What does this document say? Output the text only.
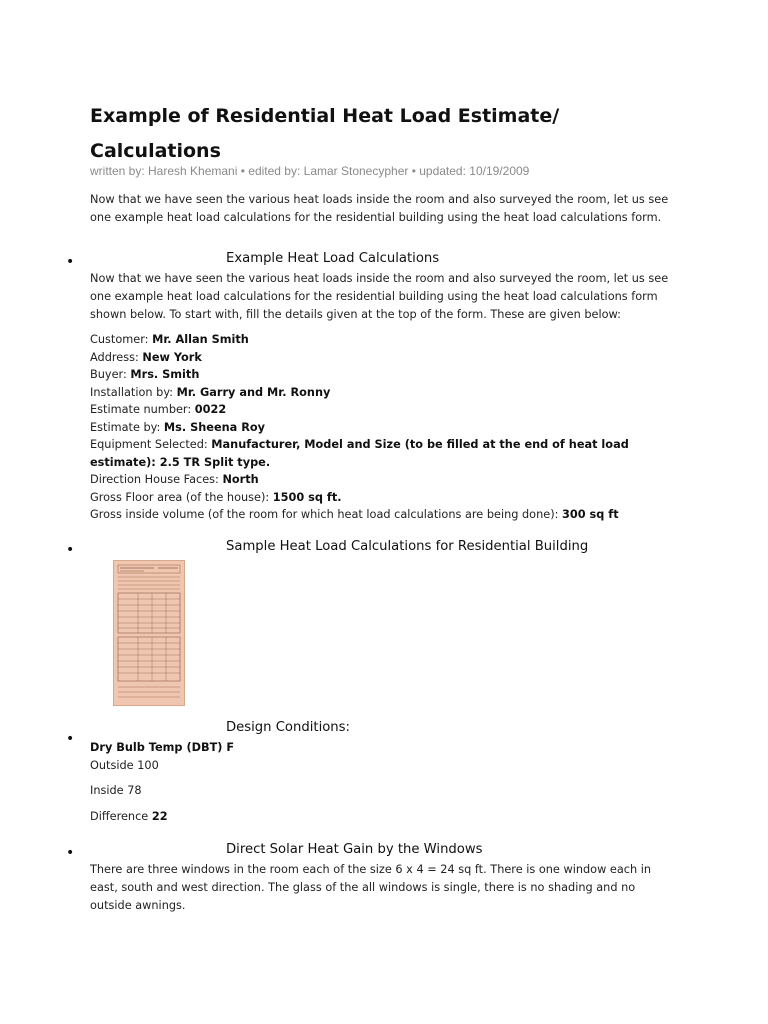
Example of Residential Heat Load Estimate/
Calculations
written by: Haresh Khemani • edited by: Lamar Stonecypher • updated: 10/19/2009
Now that we have seen the various heat loads inside the room and also surveyed the room, let us see one example heat load calculations for the residential building using the heat load calculations form.
•	Example Heat Load Calculations
Now that we have seen the various heat loads inside the room and also surveyed the room, let us see one example heat load calculations for the residential building using the heat load calculations form shown below. To start with, fill the details given at the top of the form. These are given below:
Customer: Mr. Allan Smith
Address: New York
Buyer: Mrs. Smith
Installation by: Mr. Garry and Mr. Ronny
Estimate number: 0022
Estimate by: Ms. Sheena Roy
Equipment Selected: Manufacturer, Model and Size (to be filled at the end of heat load estimate): 2.5 TR Split type.
Direction House Faces: North
Gross Floor area (of the house): 1500 sq ft.
Gross inside volume (of the room for which heat load calculations are being done): 300 sq ft
•	Sample Heat Load Calculations for Residential Building
•
Design Conditions:
Dry Bulb Temp (DBT) F
Outside 100
Inside 78
Difference 22
•	Direct Solar Heat Gain by the Windows
There are three windows in the room each of the size 6 x 4 = 24 sq ft. There is one window each in east, south and west direction. The glass of the all windows is single, there is no shading and no outside awnings.
